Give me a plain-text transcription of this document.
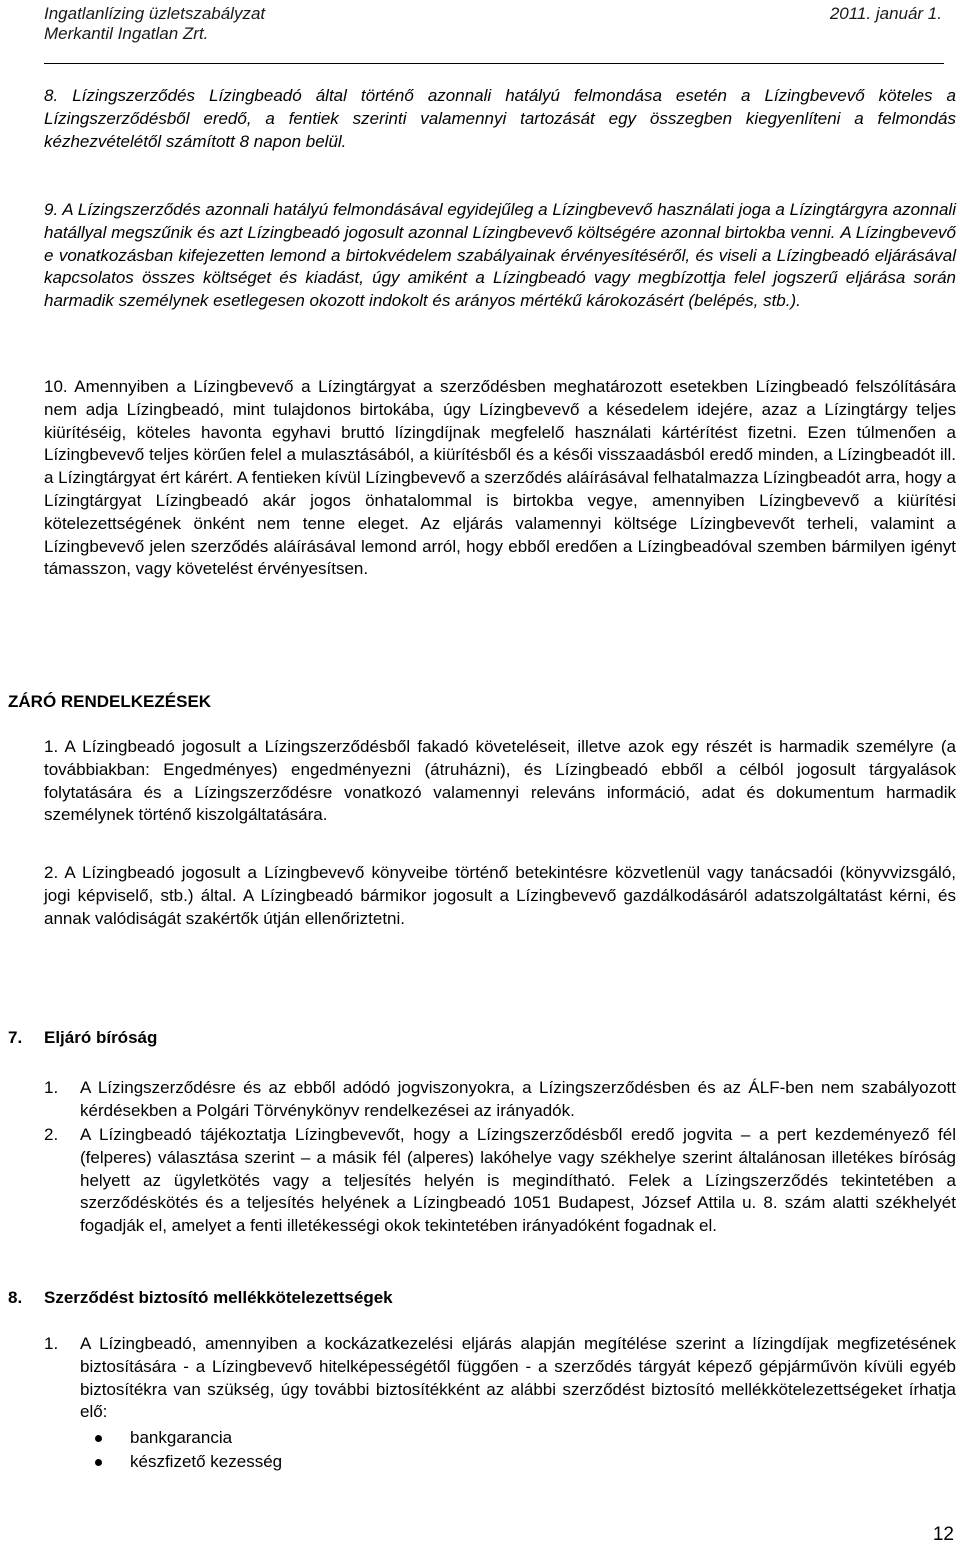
Ingatlanlízing üzletszabályzat
Merkantil Ingatlan Zrt.
2011. január 1.

8. Lízingszerződés Lízingbeadó által történő azonnali hatályú felmondása esetén a Lízingbevevő köteles a Lízingszerződésből eredő, a fentiek szerinti valamennyi tartozását egy összegben kiegyenlíteni a felmondás kézhezvételétől számított 8 napon belül.

9. A Lízingszerződés azonnali hatályú felmondásával egyidejűleg a Lízingbevevő használati joga a Lízingtárgyra azonnali hatállyal megszűnik és azt Lízingbeadó jogosult azonnal Lízingbevevő költségére azonnal birtokba venni. A Lízingbevevő e vonatkozásban kifejezetten lemond a birtokvédelem szabályainak érvényesítéséről, és viseli a Lízingbeadó eljárásával kapcsolatos összes költséget és kiadást, úgy amiként a Lízingbeadó vagy megbízottja felel jogszerű eljárása során harmadik személynek esetlegesen okozott indokolt és arányos mértékű károkozásért (belépés, stb.).

10. Amennyiben a Lízingbevevő a Lízingtárgyat a szerződésben meghatározott esetekben Lízingbeadó felszólítására nem adja Lízingbeadó, mint tulajdonos birtokába, úgy Lízingbevevő a késedelem idejére, azaz a Lízingtárgy teljes kiürítéséig, köteles havonta egyhavi bruttó lízingdíjnak megfelelő használati kártérítést fizetni. Ezen túlmenően a Lízingbevevő teljes körűen felel a mulasztásából, a kiürítésből és a késői visszaadásból eredő minden, a Lízingbeadót ill. a Lízingtárgyat ért kárért. A fentieken kívül Lízingbevevő a szerződés aláírásával felhatalmazza Lízingbeadót arra, hogy a Lízingtárgyat Lízingbeadó akár jogos önhatalommal is birtokba vegye, amennyiben Lízingbevevő a kiürítési kötelezettségének önként nem tenne eleget. Az eljárás valamennyi költsége Lízingbevevőt terheli, valamint a Lízingbevevő jelen szerződés aláírásával lemond arról, hogy ebből eredően a Lízingbeadóval szemben bármilyen igényt támasszon, vagy követelést érvényesítsen.

ZÁRÓ RENDELKEZÉSEK

1. A Lízingbeadó jogosult a Lízingszerződésből fakadó követeléseit, illetve azok egy részét is harmadik személyre (a továbbiakban: Engedményes) engedményezni (átruházni), és Lízingbeadó ebből a célból jogosult tárgyalások folytatására és a Lízingszerződésre vonatkozó valamennyi releváns információ, adat és dokumentum harmadik személynek történő kiszolgáltatására.

2. A Lízingbeadó jogosult a Lízingbevevő könyveibe történő betekintésre közvetlenül vagy tanácsadói (könyvvizsgáló, jogi képviselő, stb.) által. A Lízingbeadó bármikor jogosult a Lízingbevevő gazdálkodásáról adatszolgáltatást kérni, és annak valódiságát szakértők útján ellenőriztetni.

7. Eljáró bíróság
1. A Lízingszerződésre és az ebből adódó jogviszonyokra, a Lízingszerződésben és az ÁLF-ben nem szabályozott kérdésekben a Polgári Törvénykönyv rendelkezései az irányadók.
2. A Lízingbeadó tájékoztatja Lízingbevevőt, hogy a Lízingszerződésből eredő jogvita – a pert kezdeményező fél (felperes) választása szerint – a másik fél (alperes) lakóhelye vagy székhelye szerint általánosan illetékes bíróság helyett az ügyletkötés vagy a teljesítés helyén is megindítható. Felek a Lízingszerződés tekintetében a szerződéskötés és a teljesítés helyének a Lízingbeadó 1051 Budapest, József Attila u. 8. szám alatti székhelyét fogadják el, amelyet a fenti illetékességi okok tekintetében irányadóként fogadnak el.
8. Szerződést biztosító mellékkötelezettségek
1. A Lízingbeadó, amennyiben a kockázatkezelési eljárás alapján megítélése szerint a lízingdíjak megfizetésének biztosítására - a Lízingbevevő hitelképességétől függően - a szerződés tárgyát képező gépjárművön kívüli egyéb biztosítékra van szükség, úgy további biztosítékként az alábbi szerződést biztosító mellékkötelezettségeket írhatja elő:
bankgarancia
készfizető kezesség
12
